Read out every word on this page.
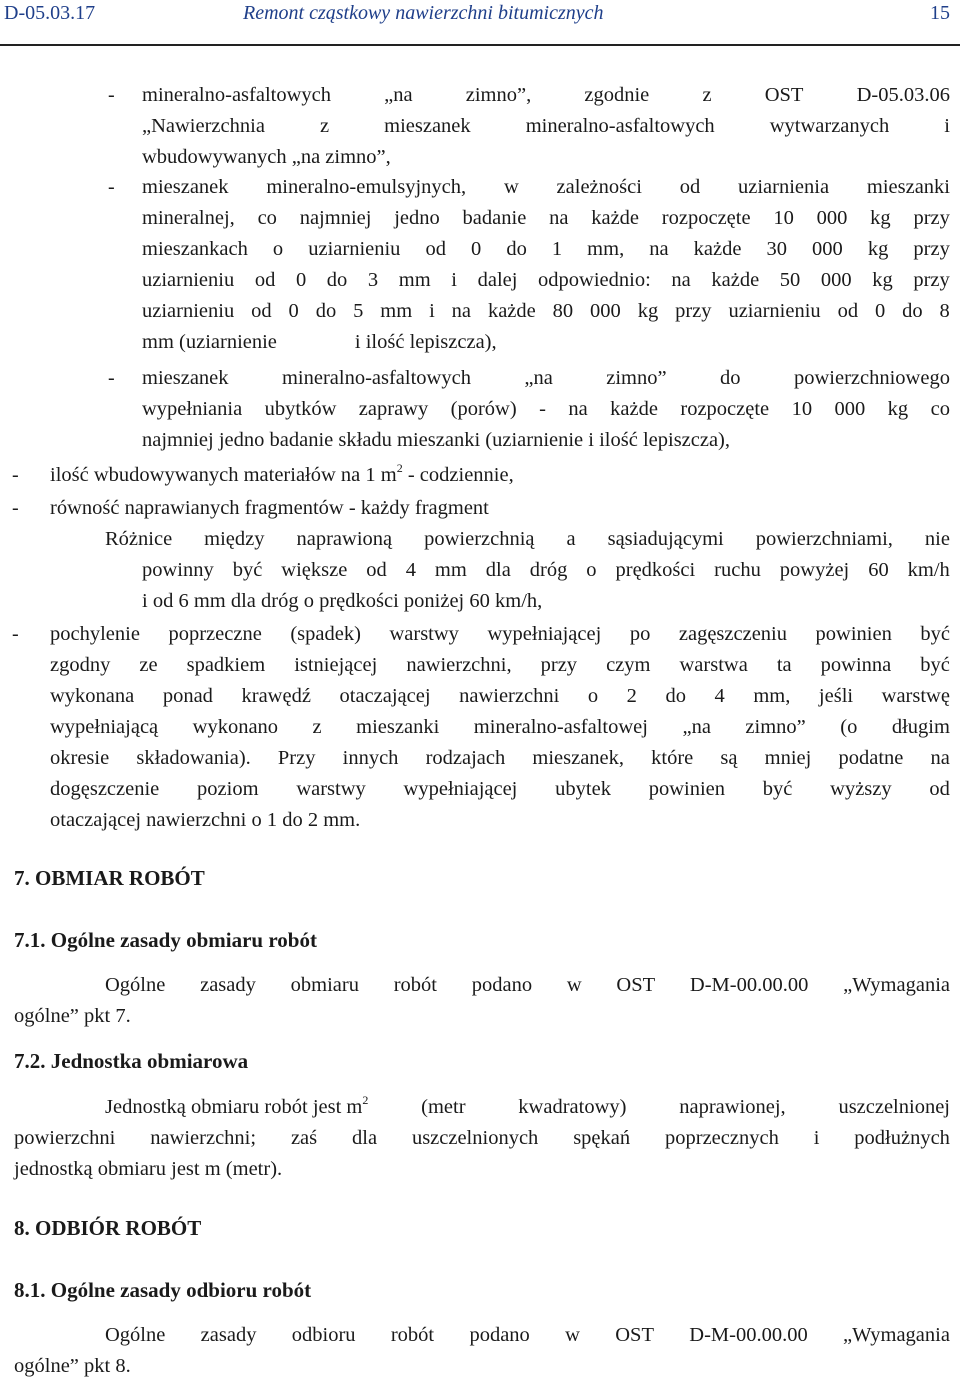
D-05.03.17	Remont cząstkowy nawierzchni bitumicznych	15
- mineralno-asfaltowych	„na	zimno”,	zgodnie	z	OST	D-05.03.06
„Nawierzchnia	z	mieszanek	mineralno-asfaltowych	wytwarzanych	i
wbudowywanych „na zimno”,
- mieszanek mineralno-emulsyjnych, w zależności od uziarnienia mieszanki
mineralnej, co najmniej jedno badanie na każde rozpoczęte 10 000 kg przy
mieszankach o uziarnieniu od 0 do 1 mm, na każde 30 000 kg przy
uziarnieniu od 0 do 3 mm i dalej odpowiednio: na każde 50 000 kg przy
uziarnieniu od 0 do 5 mm i na każde 80 000 kg przy uziarnieniu od 0 do 8
mm (uziarnienie	i ilość lepiszcza),
- mieszanek	mineralno-asfaltowych	„na	zimno”	do	powierzchniowego
wypełniania ubytków zaprawy (porów) - na każde rozpoczęte 10 000 kg co
najmniej jedno badanie składu mieszanki (uziarnienie i ilość lepiszcza),
- ilość wbudowywanych materiałów na 1 $m^2$ - codziennie,
- równość naprawianych fragmentów - każdy fragment
Różnice między naprawioną powierzchnią a sąsiadującymi powierzchniami, nie
powinny być większe od 4 mm dla dróg o prędkości ruchu powyżej 60 km/h
i od 6 mm dla dróg o prędkości poniżej 60 km/h,
- pochylenie poprzeczne (spadek) warstwy wypełniającej po zagęszczeniu powinien być
zgodny ze spadkiem istniejącej nawierzchni, przy czym warstwa ta powinna być
wykonana ponad krawędź otaczającej nawierzchni o 2 do 4 mm, jeśli warstwę
wypełniającą wykonano z mieszanki mineralno-asfaltowej „na zimno” (o długim
okresie składowania). Przy innych rodzajach mieszanek, które są mniej podatne na
dogęszczenie poziom warstwy wypełniającej ubytek powinien być wyższy od
otaczającej nawierzchni o 1 do 2 mm.
7. OBMIAR ROBÓT
7.1. Ogólne zasady obmiaru robót
Ogólne zasady obmiaru robót podano w OST D-M-00.00.00 „Wymagania
ogólne” pkt 7.
7.2. Jednostka obmiarowa
Jednostką obmiaru robót jest $m^2$	(metr	kwadratowy)	naprawionej,	uszczelnionej
powierzchni nawierzchni; zaś dla uszczelnionych spękań poprzecznych i podłużnych
jednostką obmiaru jest m (metr).
8. ODBIÓR ROBÓT
8.1. Ogólne zasady odbioru robót
Ogólne zasady odbioru robót podano w OST D-M-00.00.00 „Wymagania
ogólne” pkt 8.
